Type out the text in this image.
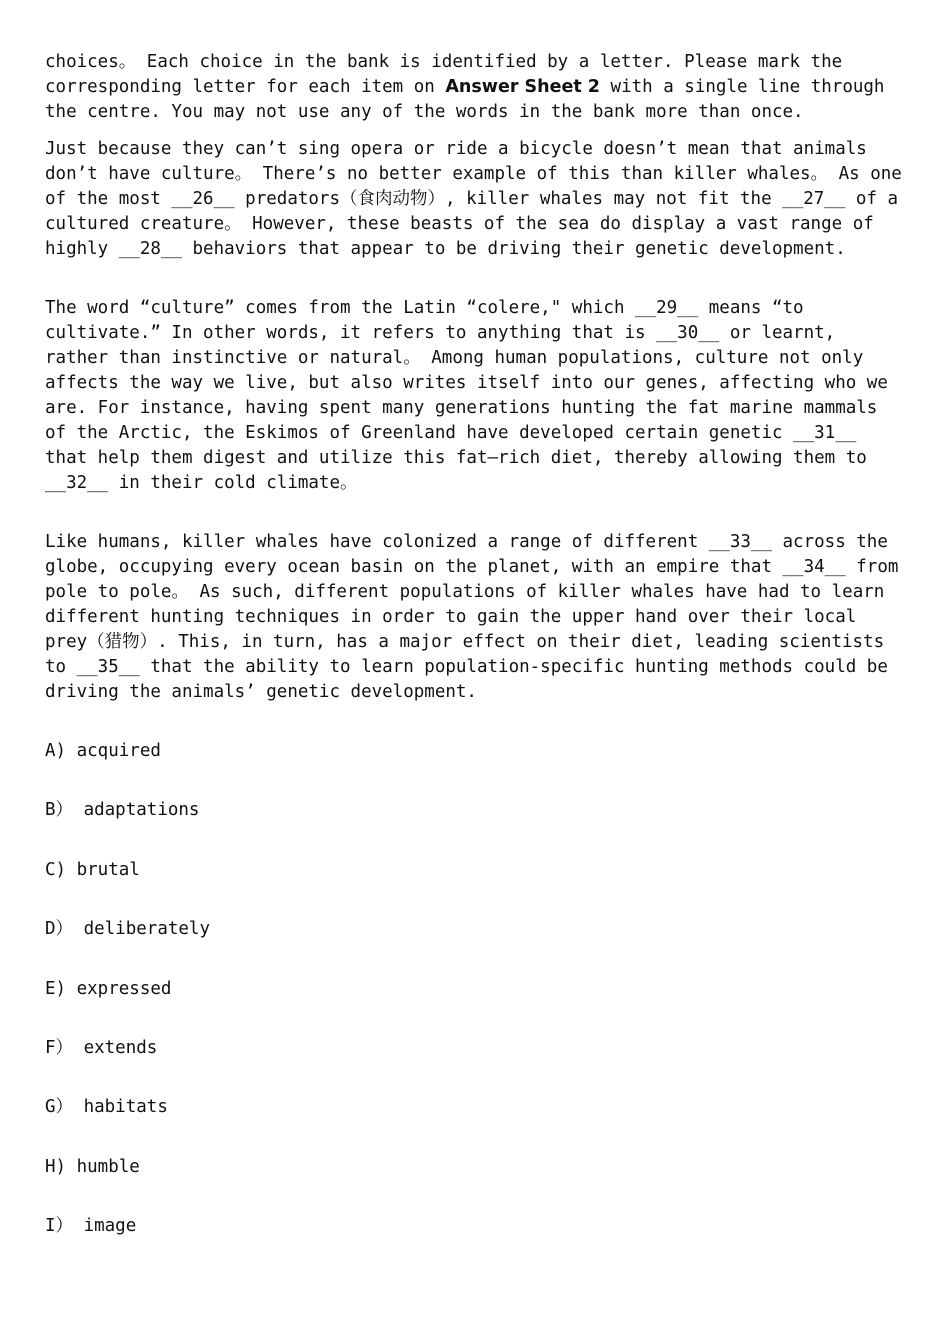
choices。 Each choice in the bank is identified by a letter. Please mark the corresponding letter for each item on Answer Sheet 2 with a single line through the centre. You may not use any of the words in the bank more than once.

Just because they can’t sing opera or ride a bicycle doesn’t mean that animals don’t have culture。 There’s no better example of this than killer whales。 As one of the most __26__ predators（食肉动物）, killer whales may not fit the __27__ of a cultured creature。 However, these beasts of the sea do display a vast range of highly __28__ behaviors that appear to be driving their genetic development.

The word “culture” comes from the Latin “colere," which __29__ means “to cultivate.” In other words, it refers to anything that is __30__ or learnt, rather than instinctive or natural。 Among human populations, culture not only affects the way we live, but also writes itself into our genes, affecting who we are. For instance, having spent many generations hunting the fat marine mammals of the Arctic, the Eskimos of Greenland have developed certain genetic __31__ that help them digest and utilize this fat—rich diet, thereby allowing them to __32__ in their cold climate。

Like humans, killer whales have colonized a range of different __33__ across the globe, occupying every ocean basin on the planet, with an empire that __34__ from pole to pole。 As such, different populations of killer whales have had to learn different hunting techniques in order to gain the upper hand over their local prey（猎物）. This, in turn, has a major effect on their diet, leading scientists to __35__ that the ability to learn population-specific hunting methods could be driving the animals’ genetic development.

A) acquired
B） adaptations
C) brutal
D） deliberately
E) expressed
F） extends
G） habitats
H) humble
I） image
